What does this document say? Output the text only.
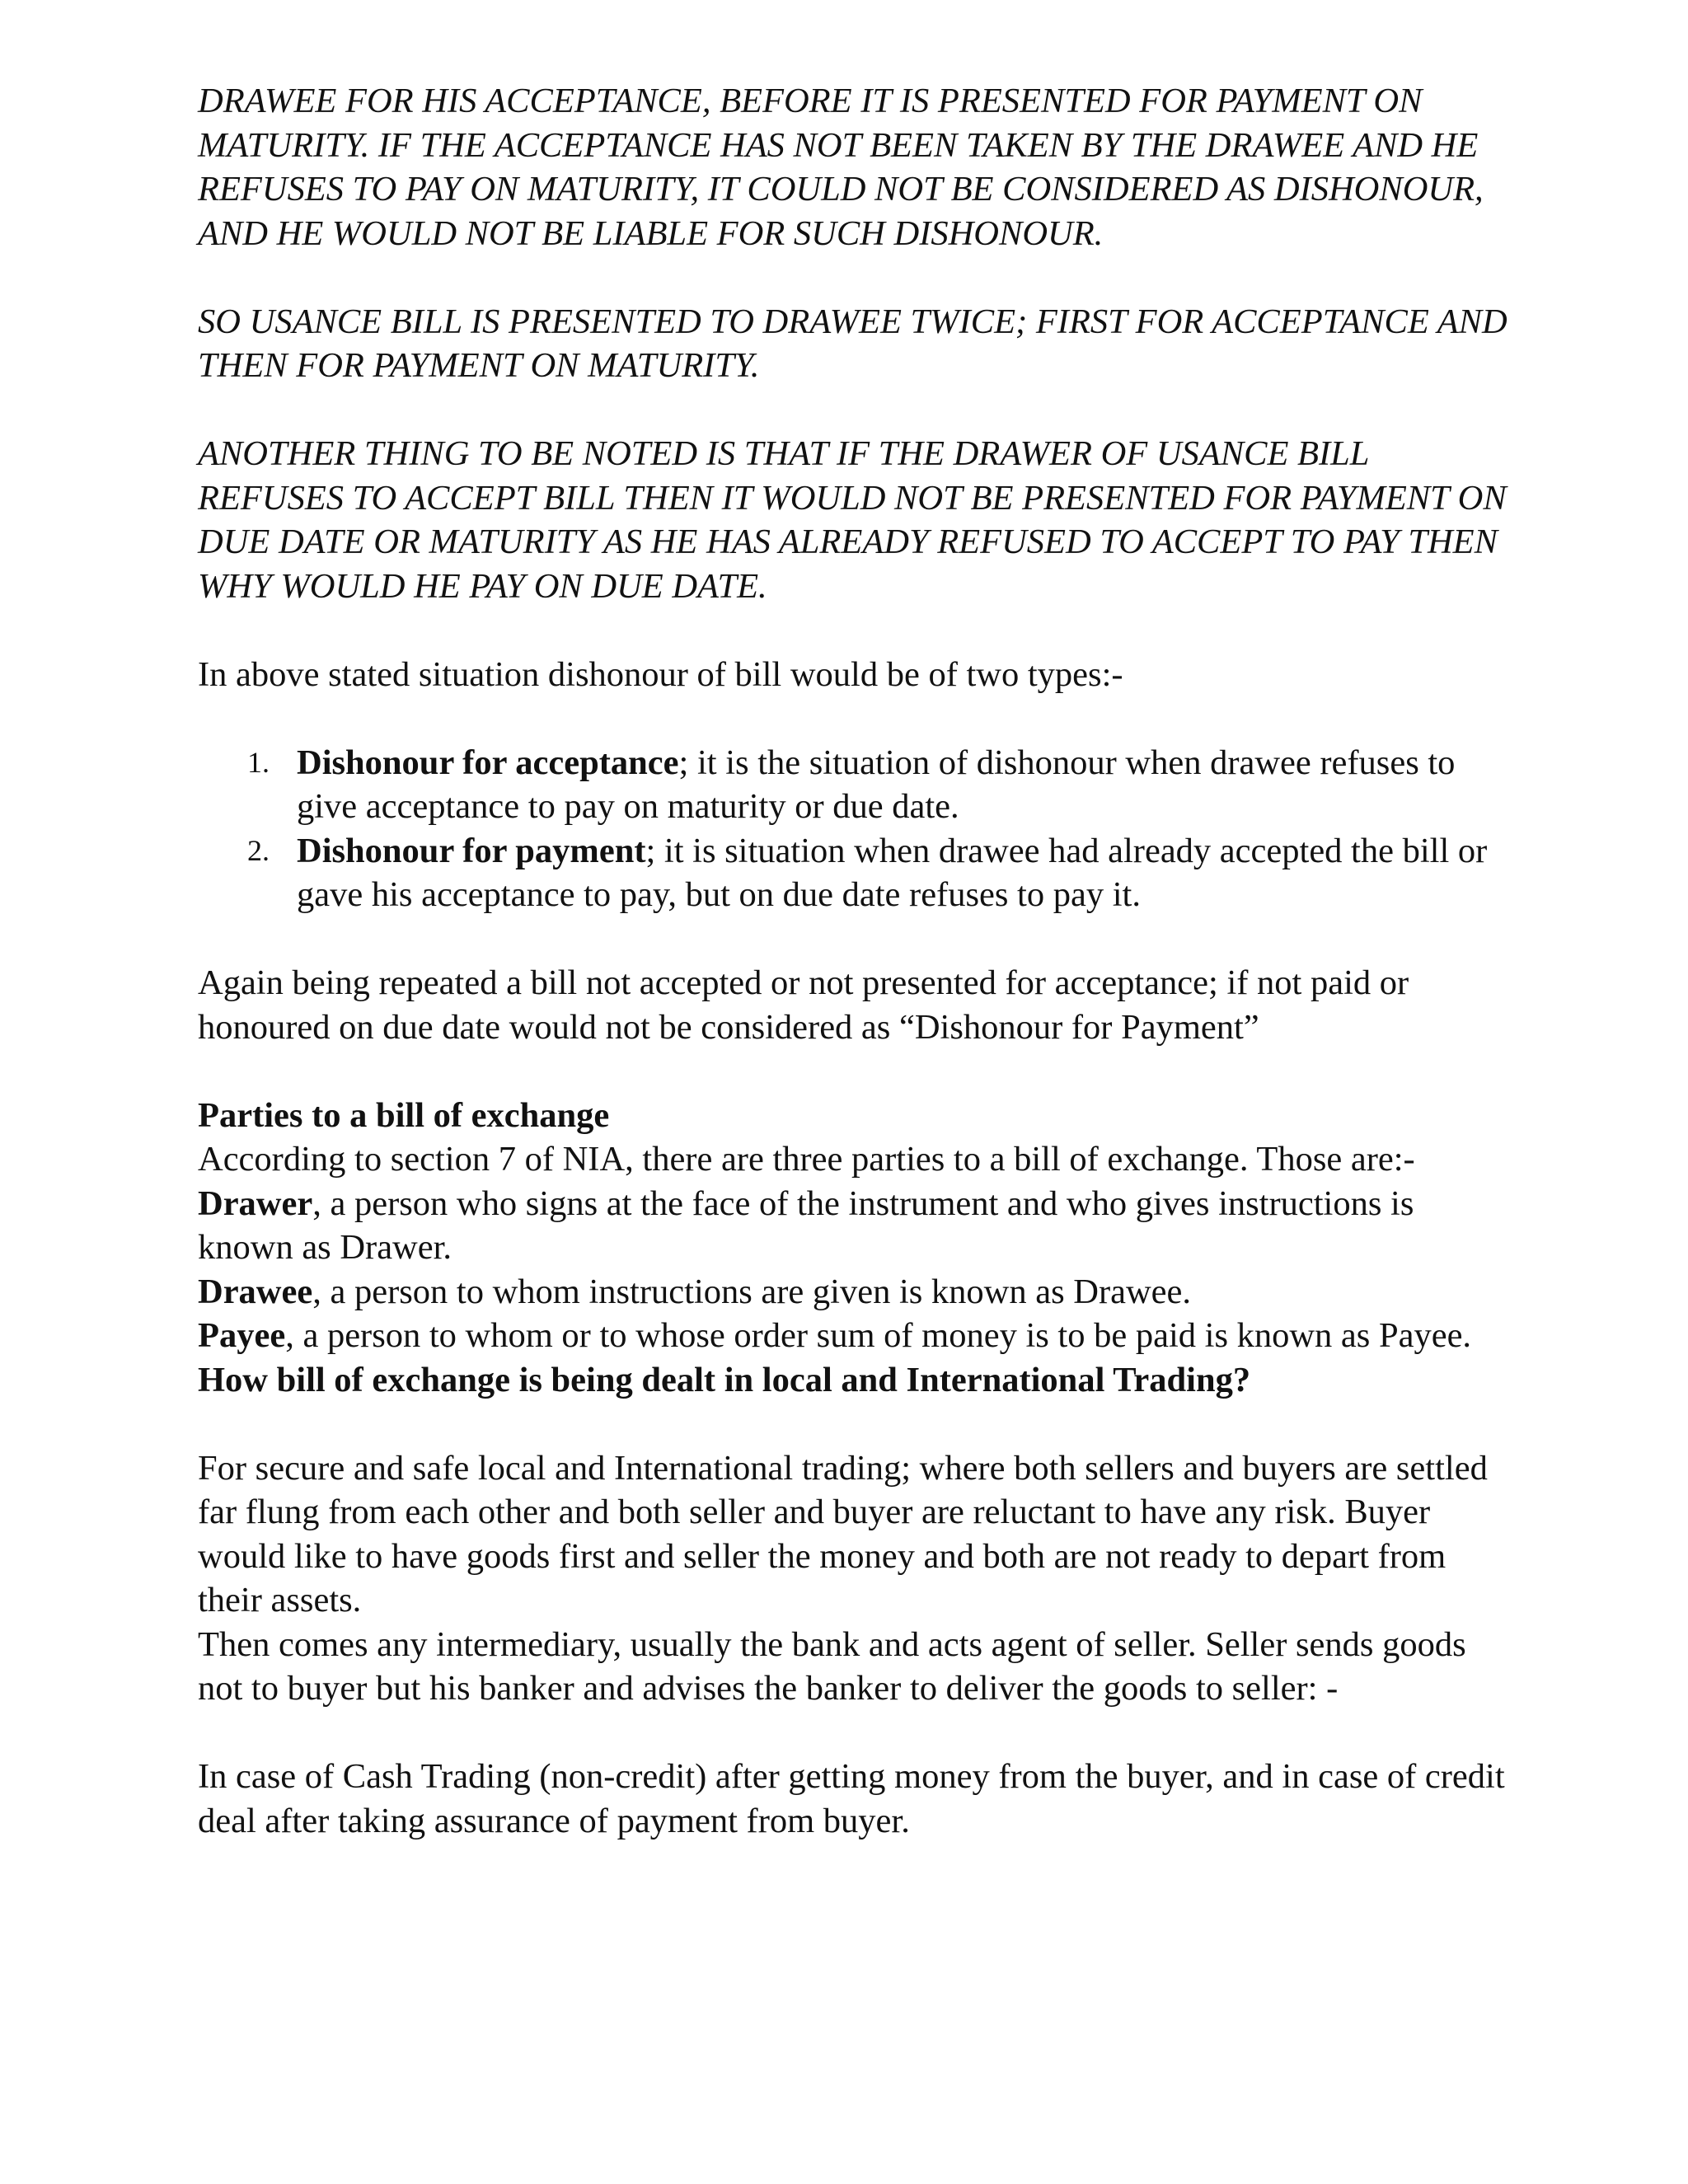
DRAWEE FOR HIS ACCEPTANCE, BEFORE IT IS PRESENTED FOR PAYMENT ON MATURITY. IF THE ACCEPTANCE HAS NOT BEEN TAKEN BY THE DRAWEE AND HE REFUSES TO PAY ON MATURITY, IT COULD NOT BE CONSIDERED AS DISHONOUR, AND HE WOULD NOT BE LIABLE FOR SUCH DISHONOUR.

SO USANCE BILL IS PRESENTED TO DRAWEE TWICE; FIRST FOR ACCEPTANCE AND THEN FOR PAYMENT ON MATURITY.

ANOTHER THING TO BE NOTED IS THAT IF THE DRAWER OF USANCE BILL REFUSES TO ACCEPT BILL THEN IT WOULD NOT BE PRESENTED FOR PAYMENT ON DUE DATE OR MATURITY AS HE HAS ALREADY REFUSED TO ACCEPT TO PAY THEN WHY WOULD HE PAY ON DUE DATE.

In above stated situation dishonour of bill would be of two types:-

1. Dishonour for acceptance; it is the situation of dishonour when drawee refuses to give acceptance to pay on maturity or due date.
2. Dishonour for payment; it is situation when drawee had already accepted the bill or gave his acceptance to pay, but on due date refuses to pay it.

Again being repeated a bill not accepted or not presented for acceptance; if not paid or honoured on due date would not be considered as “Dishonour for Payment”

Parties to a bill of exchange

According to section 7 of NIA, there are three parties to a bill of exchange. Those are:-

Drawer, a person who signs at the face of the instrument and who gives instructions is known as Drawer.

Drawee, a person to whom instructions are given is known as Drawee.

Payee, a person to whom or to whose order sum of money is to be paid is known as Payee.

How bill of exchange is being dealt in local and International Trading?

For secure and safe local and International trading; where both sellers and buyers are settled far flung from each other and both seller and buyer are reluctant to have any risk. Buyer would like to have goods first and seller the money and both are not ready to depart from their assets.

Then comes any intermediary, usually the bank and acts agent of seller. Seller sends goods not to buyer but his banker and advises the banker to deliver the goods to seller: -

In case of Cash Trading (non-credit) after getting money from the buyer, and in case of credit deal after taking assurance of payment from buyer.
